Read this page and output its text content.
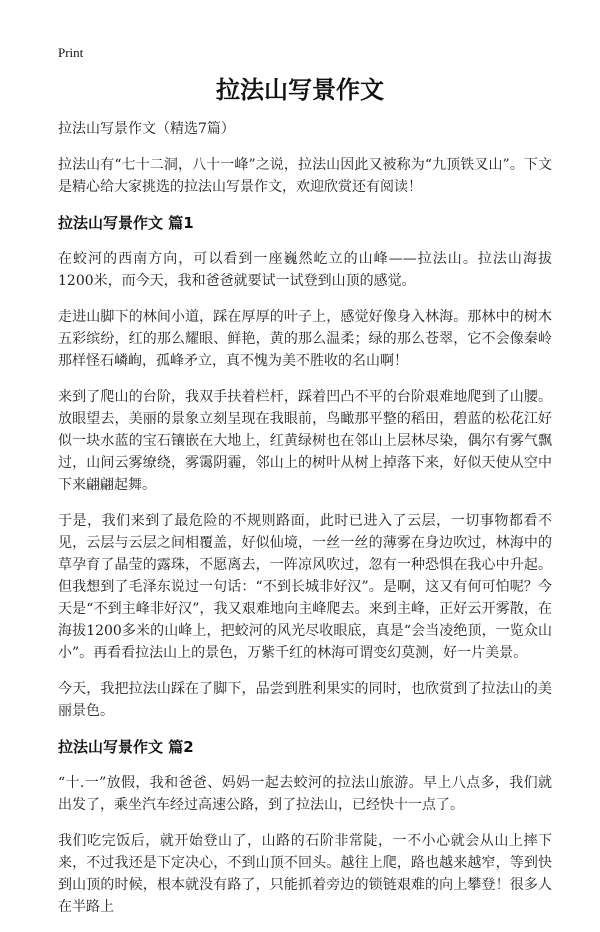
Print
拉法山写景作文

拉法山写景作文（精选7篇）

拉法山有“七十二洞，八十一峰”之说，拉法山因此又被称为“九顶铁叉山”。下文是精心给大家挑选的拉法山写景作文，欢迎欣赏还有阅读！

拉法山写景作文 篇1

在蛟河的西南方向，可以看到一座巍然屹立的山峰——拉法山。拉法山海拔1200米，而今天，我和爸爸就要试一试登到山顶的感觉。

走进山脚下的林间小道，踩在厚厚的叶子上，感觉好像身入林海。那林中的树木五彩缤纷，红的那么耀眼、鲜艳，黄的那么温柔；绿的那么苍翠，它不会像秦岭那样怪石嶙峋，孤峰矛立，真不愧为美不胜收的名山啊！

来到了爬山的台阶，我双手扶着栏杆，踩着凹凸不平的台阶艰难地爬到了山腰。放眼望去，美丽的景象立刻呈现在我眼前，鸟瞰那平整的稻田，碧蓝的松花江好似一块水蓝的宝石镶嵌在大地上，红黄绿树也在邻山上层林尽染，偶尔有雾气飘过，山间云雾缭绕，雾霭阴霾，邻山上的树叶从树上掉落下来，好似天使从空中下来翩翩起舞。

于是，我们来到了最危险的不规则路面，此时已进入了云层，一切事物都看不见，云层与云层之间相覆盖，好似仙境，一丝一丝的薄雾在身边吹过，林海中的草孕育了晶莹的露珠，不愿离去，一阵凉风吹过，忽有一种恐惧在我心中升起。但我想到了毛泽东说过一句话：“不到长城非好汉”。是啊，这又有何可怕呢？今天是“不到主峰非好汉”，我又艰难地向主峰爬去。来到主峰，正好云开雾散，在海拔1200多米的山峰上，把蛟河的风光尽收眼底，真是“会当凌绝顶，一览众山小”。再看看拉法山上的景色，万紫千红的林海可谓变幻莫测，好一片美景。

今天，我把拉法山踩在了脚下，品尝到胜利果实的同时，也欣赏到了拉法山的美丽景色。

拉法山写景作文 篇2

“十.一”放假，我和爸爸、妈妈一起去蛟河的拉法山旅游。早上八点多，我们就出发了，乘坐汽车经过高速公路，到了拉法山，已经快十一点了。

我们吃完饭后，就开始登山了，山路的石阶非常陡，一不小心就会从山上摔下来，不过我还是下定决心，不到山顶不回头。越往上爬，路也越来越窄，等到快到山顶的时候，根本就没有路了，只能抓着旁边的锁链艰难的向上攀登！很多人在半路上
